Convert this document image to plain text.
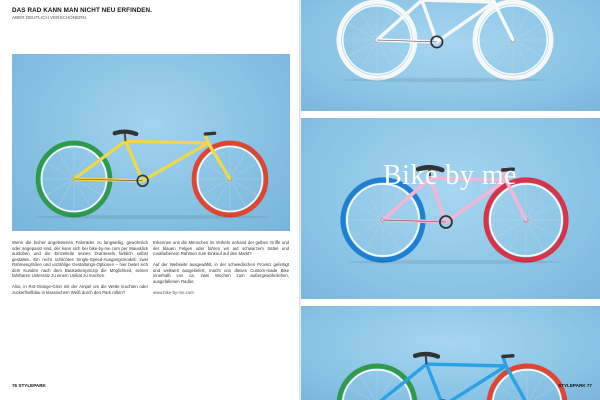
DAS RAD KANN MAN NICHT NEU ERFINDEN.
ABER DEUTLICH VERSCHÖNERN.

Wenn die bisher angebotenen Fahrräder zu langweilig, gewöhnlich oder angepasst sind, der kann sich bei bike-by-me.com per Mausklick austoben und die Einzelteile seines Drahtesels farblich selbst gestalten. Ein recht schlichtes Single-Speed-Ausgangsmodell, zwei Rahmengrößen und unzählige Gestaltungs-Optionen – hier bietet sich dem Kunden nach dem Baukastenprinzip die Möglichkeit, seinen fahrbaren Untersatz zu einem Unikat zu machen.

Also, in Rot-Orange-Grün mit der Ampel um die Wette leuchten oder zuckerlhellblau in klassischem Weiß durch den Park rollen?

Erkennen uns die Menschen im Verkehr anhand der gelben Griffe und der blauen Felgen oder fahren wir auf schwarzem Sattel und rosafarbenem Rahmen zum Einkauf auf den Markt?

Auf der Webseite ausgewählt, in der schwedischen Provinz gefertigt und weltweit ausgeliefert, macht uns dieses Custom-made Bike innerhalb von ca. zwei Wochen zum außergewöhnlichen, ausgefallenen Radler.

www.bike-by-me.com

76 STYLEPARK
Bike by me
STYLEPARK 77
